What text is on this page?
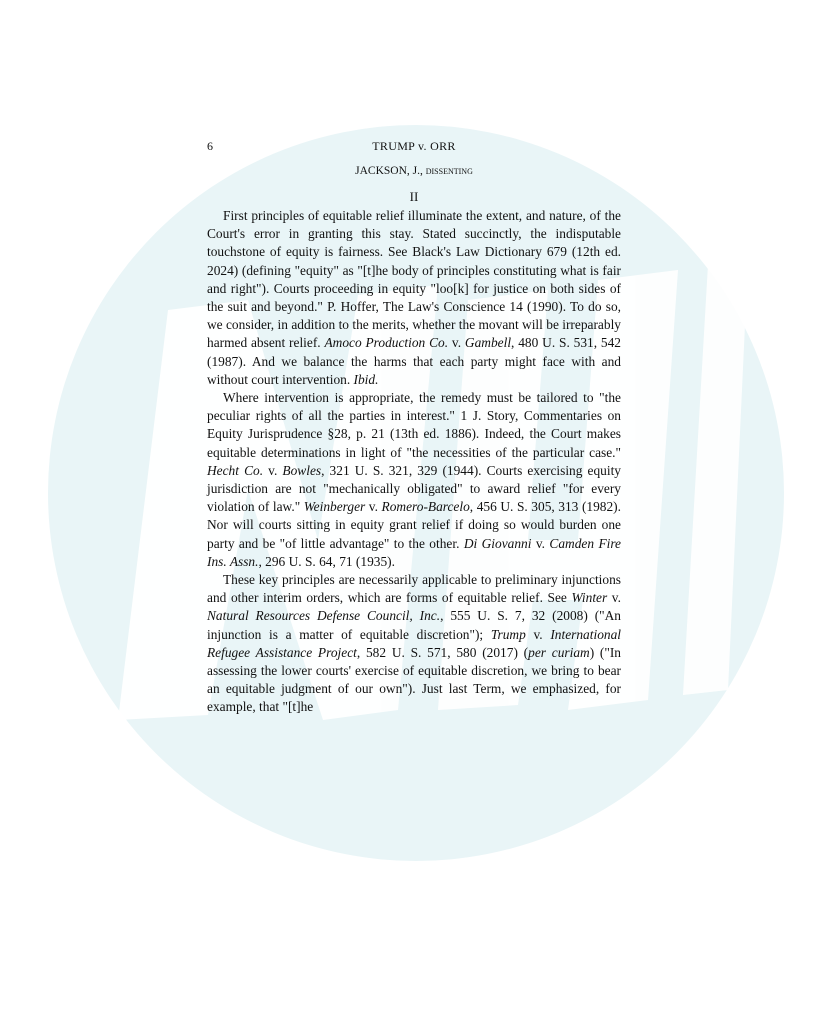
6	TRUMP v. ORR
JACKSON, J., dissenting
II

First principles of equitable relief illuminate the extent, and nature, of the Court's error in granting this stay. Stated succinctly, the indisputable touchstone of equity is fairness. See Black's Law Dictionary 679 (12th ed. 2024) (defining "equity" as "[t]he body of principles constituting what is fair and right"). Courts proceeding in equity "loo[k] for justice on both sides of the suit and beyond." P. Hoffer, The Law's Conscience 14 (1990). To do so, we consider, in addition to the merits, whether the movant will be irreparably harmed absent relief. Amoco Production Co. v. Gambell, 480 U. S. 531, 542 (1987). And we balance the harms that each party might face with and without court intervention. Ibid.

Where intervention is appropriate, the remedy must be tailored to "the peculiar rights of all the parties in interest." 1 J. Story, Commentaries on Equity Jurisprudence §28, p. 21 (13th ed. 1886). Indeed, the Court makes equitable determinations in light of "the necessities of the particular case." Hecht Co. v. Bowles, 321 U. S. 321, 329 (1944). Courts exercising equity jurisdiction are not "mechanically obligated" to award relief "for every violation of law." Weinberger v. Romero-Barcelo, 456 U. S. 305, 313 (1982). Nor will courts sitting in equity grant relief if doing so would burden one party and be "of little advantage" to the other. Di Giovanni v. Camden Fire Ins. Assn., 296 U. S. 64, 71 (1935).

These key principles are necessarily applicable to preliminary injunctions and other interim orders, which are forms of equitable relief. See Winter v. Natural Resources Defense Council, Inc., 555 U. S. 7, 32 (2008) ("An injunction is a matter of equitable discretion"); Trump v. International Refugee Assistance Project, 582 U. S. 571, 580 (2017) (per curiam) ("In assessing the lower courts' exercise of equitable discretion, we bring to bear an equitable judgment of our own"). Just last Term, we emphasized, for example, that "[t]he
